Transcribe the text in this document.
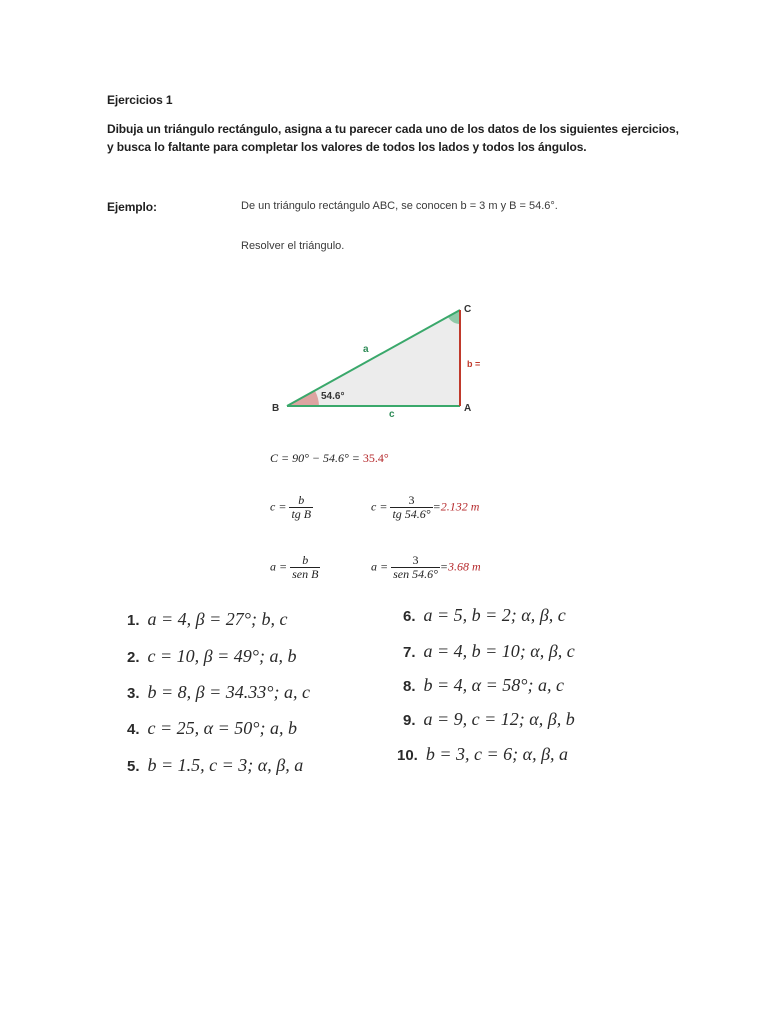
Ejercicios 1
Dibuja un triángulo rectángulo, asigna a tu parecer cada uno de los datos de los siguientes ejercicios,
y busca lo faltante para completar los valores de todos los lados y todos los ángulos.
Ejemplo:	De un triángulo rectángulo ABC, se conocen b = 3 m y B = 54.6°.
Resolver el triángulo.
B	A
C
a
b =
c
54.6°
C = 90° − 54.6° = 35.4°
$c = \frac{b}{\text{tg B}}$	$c = \frac{3}{tg 54.6^\circ} =2.132$ m
$a = \frac{b}{\text{sen B}}$	$a = \frac{3}{\text{sen 54.6°}} =3.68$ m
1. a = 4, β = 27°; b, c
2. c = 10, β = 49°; a, b
3. b = 8, β = 34.33°; a, c
4. c = 25, α = 50°; a, b
5. b = 1.5, c = 3; α, β, a
6. a = 5, b = 2; α, β, c
7. a = 4, b = 10; α, β, c
8. b = 4, α = 58°; a, c
9. a = 9, c = 12; α, β, b
10. b = 3, c = 6; α, β, a
